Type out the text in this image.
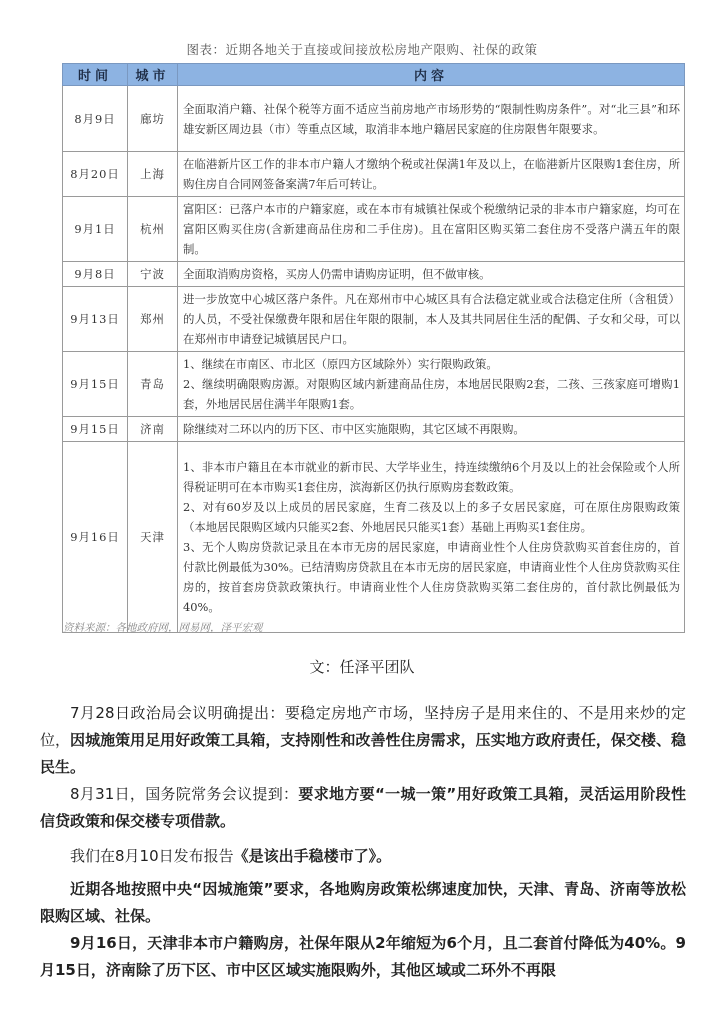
图表：近期各地关于直接或间接放松房地产限购、社保的政策
时间	城市	内容
8月9日	廊坊	全面取消户籍、社保个税等方面不适应当前房地产市场形势的“限制性购房条件”。对“北三县”和环雄安新区周边县（市）等重点区域，取消非本地户籍居民家庭的住房限售年限要求。

8月20日	上海	在临港新片区工作的非本市户籍人才缴纳个税或社保满1年及以上，在临港新片区限购1套住房，所购住房自合同网签备案满7年后可转让。

9月1日	杭州	富阳区：已落户本市的户籍家庭，或在本市有城镇社保或个税缴纳记录的非本市户籍家庭，均可在富阳区购买住房(含新建商品住房和二手住房)。且在富阳区购买第二套住房不受落户满五年的限制。

9月8日	宁波	全面取消购房资格，买房人仍需申请购房证明，但不做审核。

9月13日	郑州	进一步放宽中心城区落户条件。凡在郑州市中心城区具有合法稳定就业或合法稳定住所（含租赁）的人员，不受社保缴费年限和居住年限的限制，本人及其共同居住生活的配偶、子女和父母，可以在郑州市申请登记城镇居民户口。

9月15日	青岛	1、继续在市南区、市北区（原四方区域除外）实行限购政策。
2、继续明确限购房源。对限购区域内新建商品住房，本地居民限购2套，二孩、三孩家庭可增购1套，外地居民居住满半年限购1套。

9月15日	济南	除继续对二环以内的历下区、市中区实施限购，其它区域不再限购。

9月16日	天津	1、非本市户籍且在本市就业的新市民、大学毕业生，持连续缴纳6个月及以上的社会保险或个人所得税证明可在本市购买1套住房，滨海新区仍执行原购房套数政策。
2、对有60岁及以上成员的居民家庭，生育二孩及以上的多子女居民家庭，可在原住房限购政策（本地居民限购区域内只能买2套、外地居民只能买1套）基础上再购买1套住房。
3、无个人购房贷款记录且在本市无房的居民家庭，申请商业性个人住房贷款购买首套住房的，首付款比例最低为30%。已结清购房贷款且在本市无房的居民家庭，申请商业性个人住房贷款购买住房的，按首套房贷款政策执行。申请商业性个人住房贷款购买第二套住房的，首付款比例最低为40%。
资料来源：各地政府网，网易网，泽平宏观
文：任泽平团队

7月28日政治局会议明确提出：要稳定房地产市场，坚持房子是用来住的、不是用来炒的定位，因城施策用足用好政策工具箱，支持刚性和改善性住房需求，压实地方政府责任，保交楼、稳民生。

8月31日，国务院常务会议提到：要求地方要“一城一策”用好政策工具箱，灵活运用阶段性信贷政策和保交楼专项借款。

我们在8月10日发布报告《是该出手稳楼市了》。

近期各地按照中央“因城施策”要求，各地购房政策松绑速度加快，天津、青岛、济南等放松限购区域、社保。

9月16日，天津非本市户籍购房，社保年限从2年缩短为6个月，且二套首付降低为40%。9月15日，济南除了历下区、市中区区域实施限购外，其他区域或二环外不再限
